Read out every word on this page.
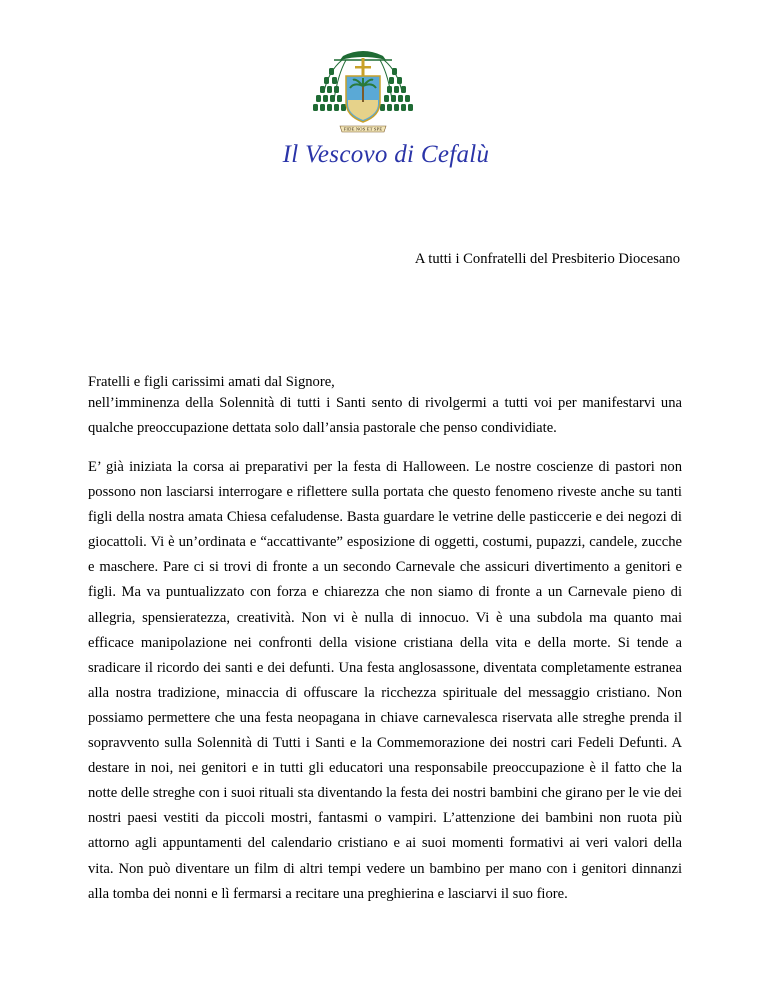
FIDE NOS ET SPE
Il Vescovo di Cefalù
A tutti i Confratelli del Presbiterio Diocesano
Fratelli e figli carissimi amati dal Signore,

nell’imminenza della Solennità di tutti i Santi sento di rivolgermi a tutti voi per manifestarvi una qualche preoccupazione dettata solo dall’ansia pastorale che penso condividiate.

E’ già iniziata la corsa ai preparativi per la festa di Halloween. Le nostre coscienze di pastori non possono non lasciarsi interrogare e riflettere sulla portata che questo fenomeno riveste anche su tanti figli della nostra amata Chiesa cefaludense. Basta guardare le vetrine delle pasticcerie e dei negozi di giocattoli. Vi è un’ordinata e “accattivante” esposizione di oggetti, costumi, pupazzi, candele, zucche e maschere. Pare ci si trovi di fronte a un secondo Carnevale che assicuri divertimento a genitori e figli. Ma va puntualizzato con forza e chiarezza che non siamo di fronte a un Carnevale pieno di allegria, spensieratezza, creatività. Non vi è nulla di innocuo. Vi è una subdola ma quanto mai efficace manipolazione nei confronti della visione cristiana della vita e della morte. Si tende a sradicare il ricordo dei santi e dei defunti. Una festa anglosassone, diventata completamente estranea alla nostra tradizione, minaccia di offuscare la ricchezza spirituale del messaggio cristiano. Non possiamo permettere che una festa neopagana in chiave carnevalesca riservata alle streghe prenda il sopravvento sulla Solennità di Tutti i Santi e la Commemorazione dei nostri cari Fedeli Defunti. A destare in noi, nei genitori e in tutti gli educatori una responsabile preoccupazione è il fatto che la notte delle streghe con i suoi rituali sta diventando la festa dei nostri bambini che girano per le vie dei nostri paesi vestiti da piccoli mostri, fantasmi o vampiri. L’attenzione dei bambini non ruota più attorno agli appuntamenti del calendario cristiano e ai suoi momenti formativi ai veri valori della vita. Non può diventare un film di altri tempi vedere un bambino per mano con i genitori dinnanzi alla tomba dei nonni e lì fermarsi a recitare una preghierina e lasciarvi il suo fiore.
